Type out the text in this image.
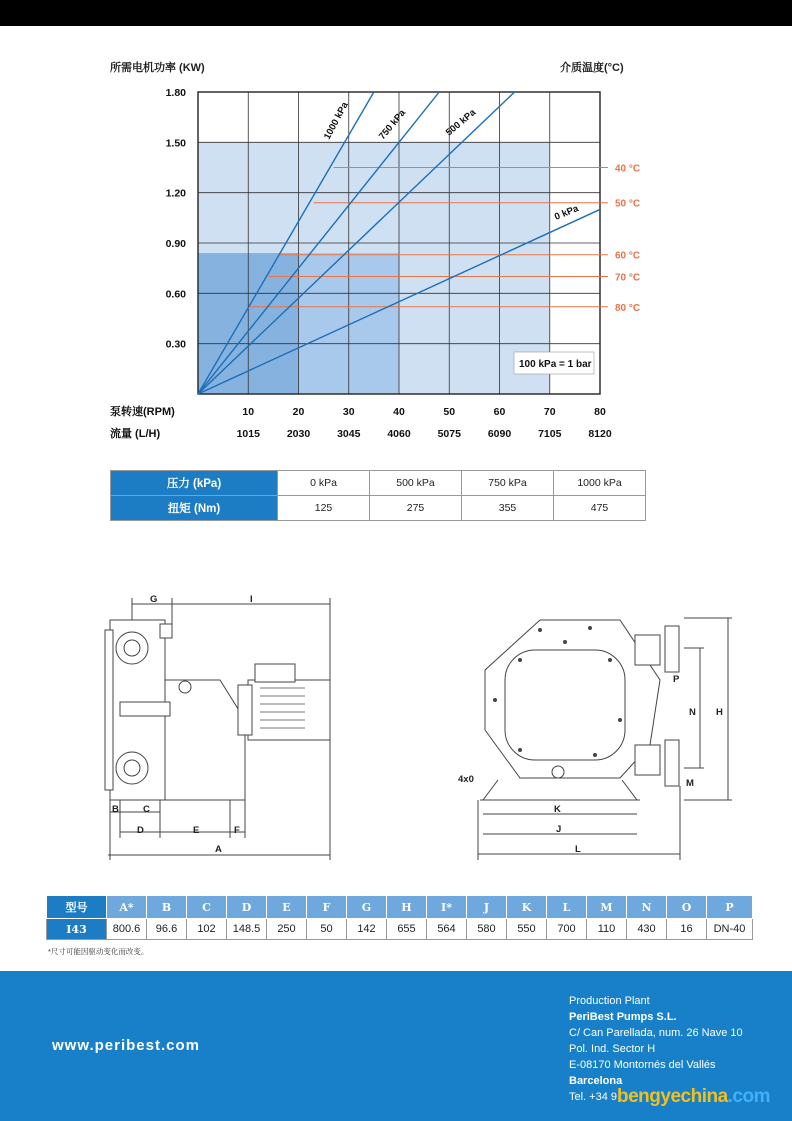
所需电机功率 (KW)	介质温度(°C)
40 °C
50 °C
60 °C
70 °C
80 °C
1000 kPa	750 kPa	500 kPa
0 kPa
100 kPa = 1 bar
1.80
1.50
1.20
0.90
0.60
0.30
泵转速(RPM)
流量 (L/H)
10	20	30	40	50	60	70	80
1015	2030	3045	4060	5075	6090	7105	8120
压力 (kPa)	0 kPa	500 kPa	750 kPa	1000 kPa
扭矩 (Nm)	125	275	355	475
G	I
B	C
D	E	F
A
4x0
K
J
L
P
N H
M
型号	A*	B	C	D	E	F	G	H	I*	J	K	L	M	N	O	P
I43	800.6	96.6	102	148.5	250	50	142	655	564	580	550	700	110	430	16	DN-40
*尺寸可能因驱动变化而改变。
www.peribest.com
Production Plant
PeriBest Pumps S.L.
C/ Can Parellada, num. 26 Nave 10
Pol. Ind. Sector H
E-08170 Montornés del Vallés
Barcelona
Tel. +34 9 bengyechina.com
